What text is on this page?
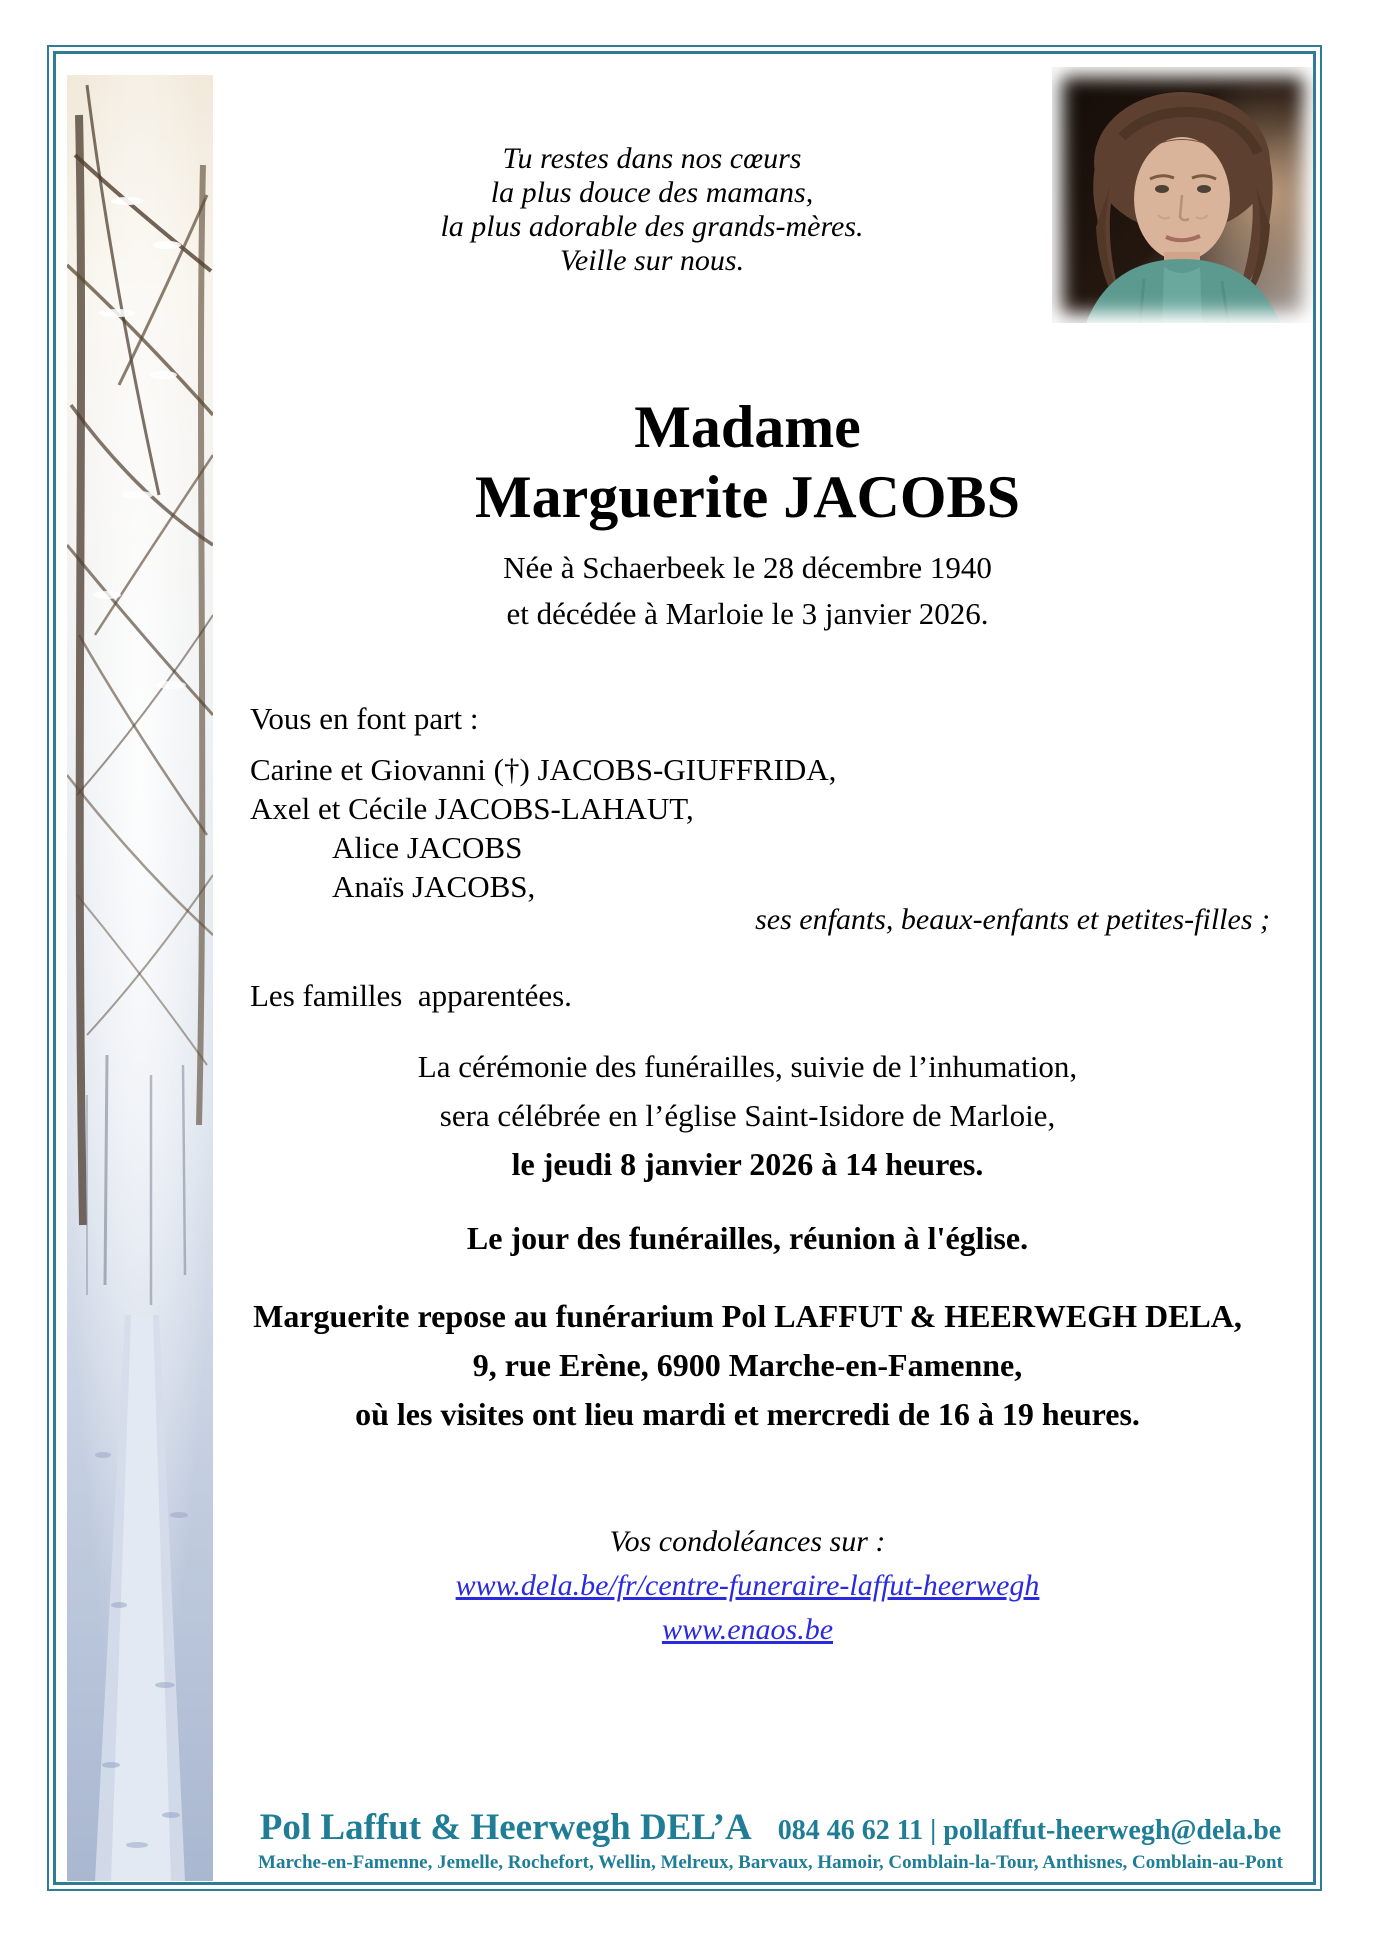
Tu restes dans nos cœurs
la plus douce des mamans,
la plus adorable des grands-mères.
Veille sur nous.
Madame
Marguerite JACOBS
Née à Schaerbeek le 28 décembre 1940
et décédée à Marloie le 3 janvier 2026.
Vous en font part :
Carine et Giovanni (†) JACOBS-GIUFFRIDA,
Axel et Cécile JACOBS-LAHAUT,
Alice JACOBS
Anaïs JACOBS,
ses enfants, beaux-enfants et petites-filles ;
Les familles  apparentées.
La cérémonie des funérailles, suivie de l’inhumation,
sera célébrée en l’église Saint-Isidore de Marloie,
le jeudi 8 janvier 2026 à 14 heures.
Le jour des funérailles, réunion à l'église.
Marguerite repose au funérarium Pol LAFFUT & HEERWEGH DELA,
9, rue Erène, 6900 Marche-en-Famenne,
où les visites ont lieu mardi et mercredi de 16 à 19 heures.
Vos condoléances sur :
www.dela.be/fr/centre-funeraire-laffut-heerwegh
www.enaos.be
Pol Laffut & Heerwegh DEL’A 084 46 62 11 | pollaffut-heerwegh@dela.be
Marche-en-Famenne, Jemelle, Rochefort, Wellin, Melreux, Barvaux, Hamoir, Comblain-la-Tour, Anthisnes, Comblain-au-Pont
